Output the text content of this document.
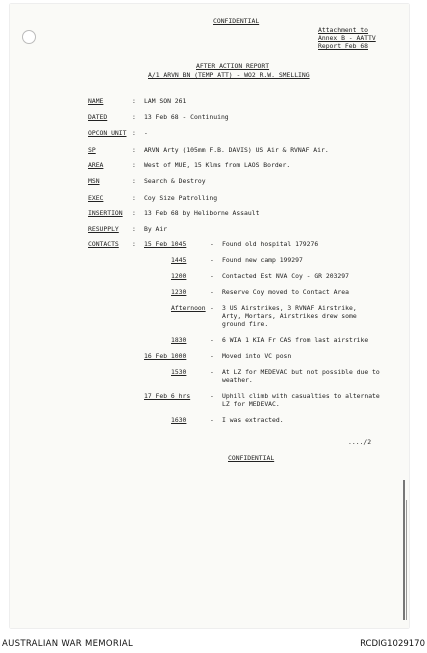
CONFIDENTIAL
Attachment to
Annex B - AATTV
Report Feb 68
AFTER ACTION REPORT
A/1 ARVN BN (TEMP ATT) - WO2 R.W. SMELLING
NAME	: LAM SON 261
DATED	: 13 Feb 68 - Continuing
OPCON UNIT : -
SP	: ARVN Arty (105mm F.B. DAVIS) US Air & RVNAF Air.
AREA	: West of MUE, 15 Klms from LAOS Border.
MSN	: Search & Destroy
EXEC	: Coy Size Patrolling
INSERTION : 13 Feb 68 by Heliborne Assault
RESUPPLY : By Air
CONTACTS : 15 Feb 1045	- Found old hospital 179276
1445	- Found new camp 199297
1200	- Contacted Est NVA Coy - GR 203297
1230	- Reserve Coy moved to Contact Area
Afternoon - 3 US Airstrikes, 3 RVNAF Airstrike,
Arty, Mortars, Airstrikes drew some
ground fire.
1830	- 6 WIA 1 KIA Fr CAS from last airstrike
16 Feb 1000	- Moved into VC posn
1530	- At LZ for MEDEVAC but not possible due to
weather.
17 Feb 6 hrs	- Uphill climb with casualties to alternate
LZ for MEDEVAC.
1630	- I was extracted.
..../2
CONFIDENTIAL
AUSTRALIAN WAR MEMORIAL	RCDIG1029170
